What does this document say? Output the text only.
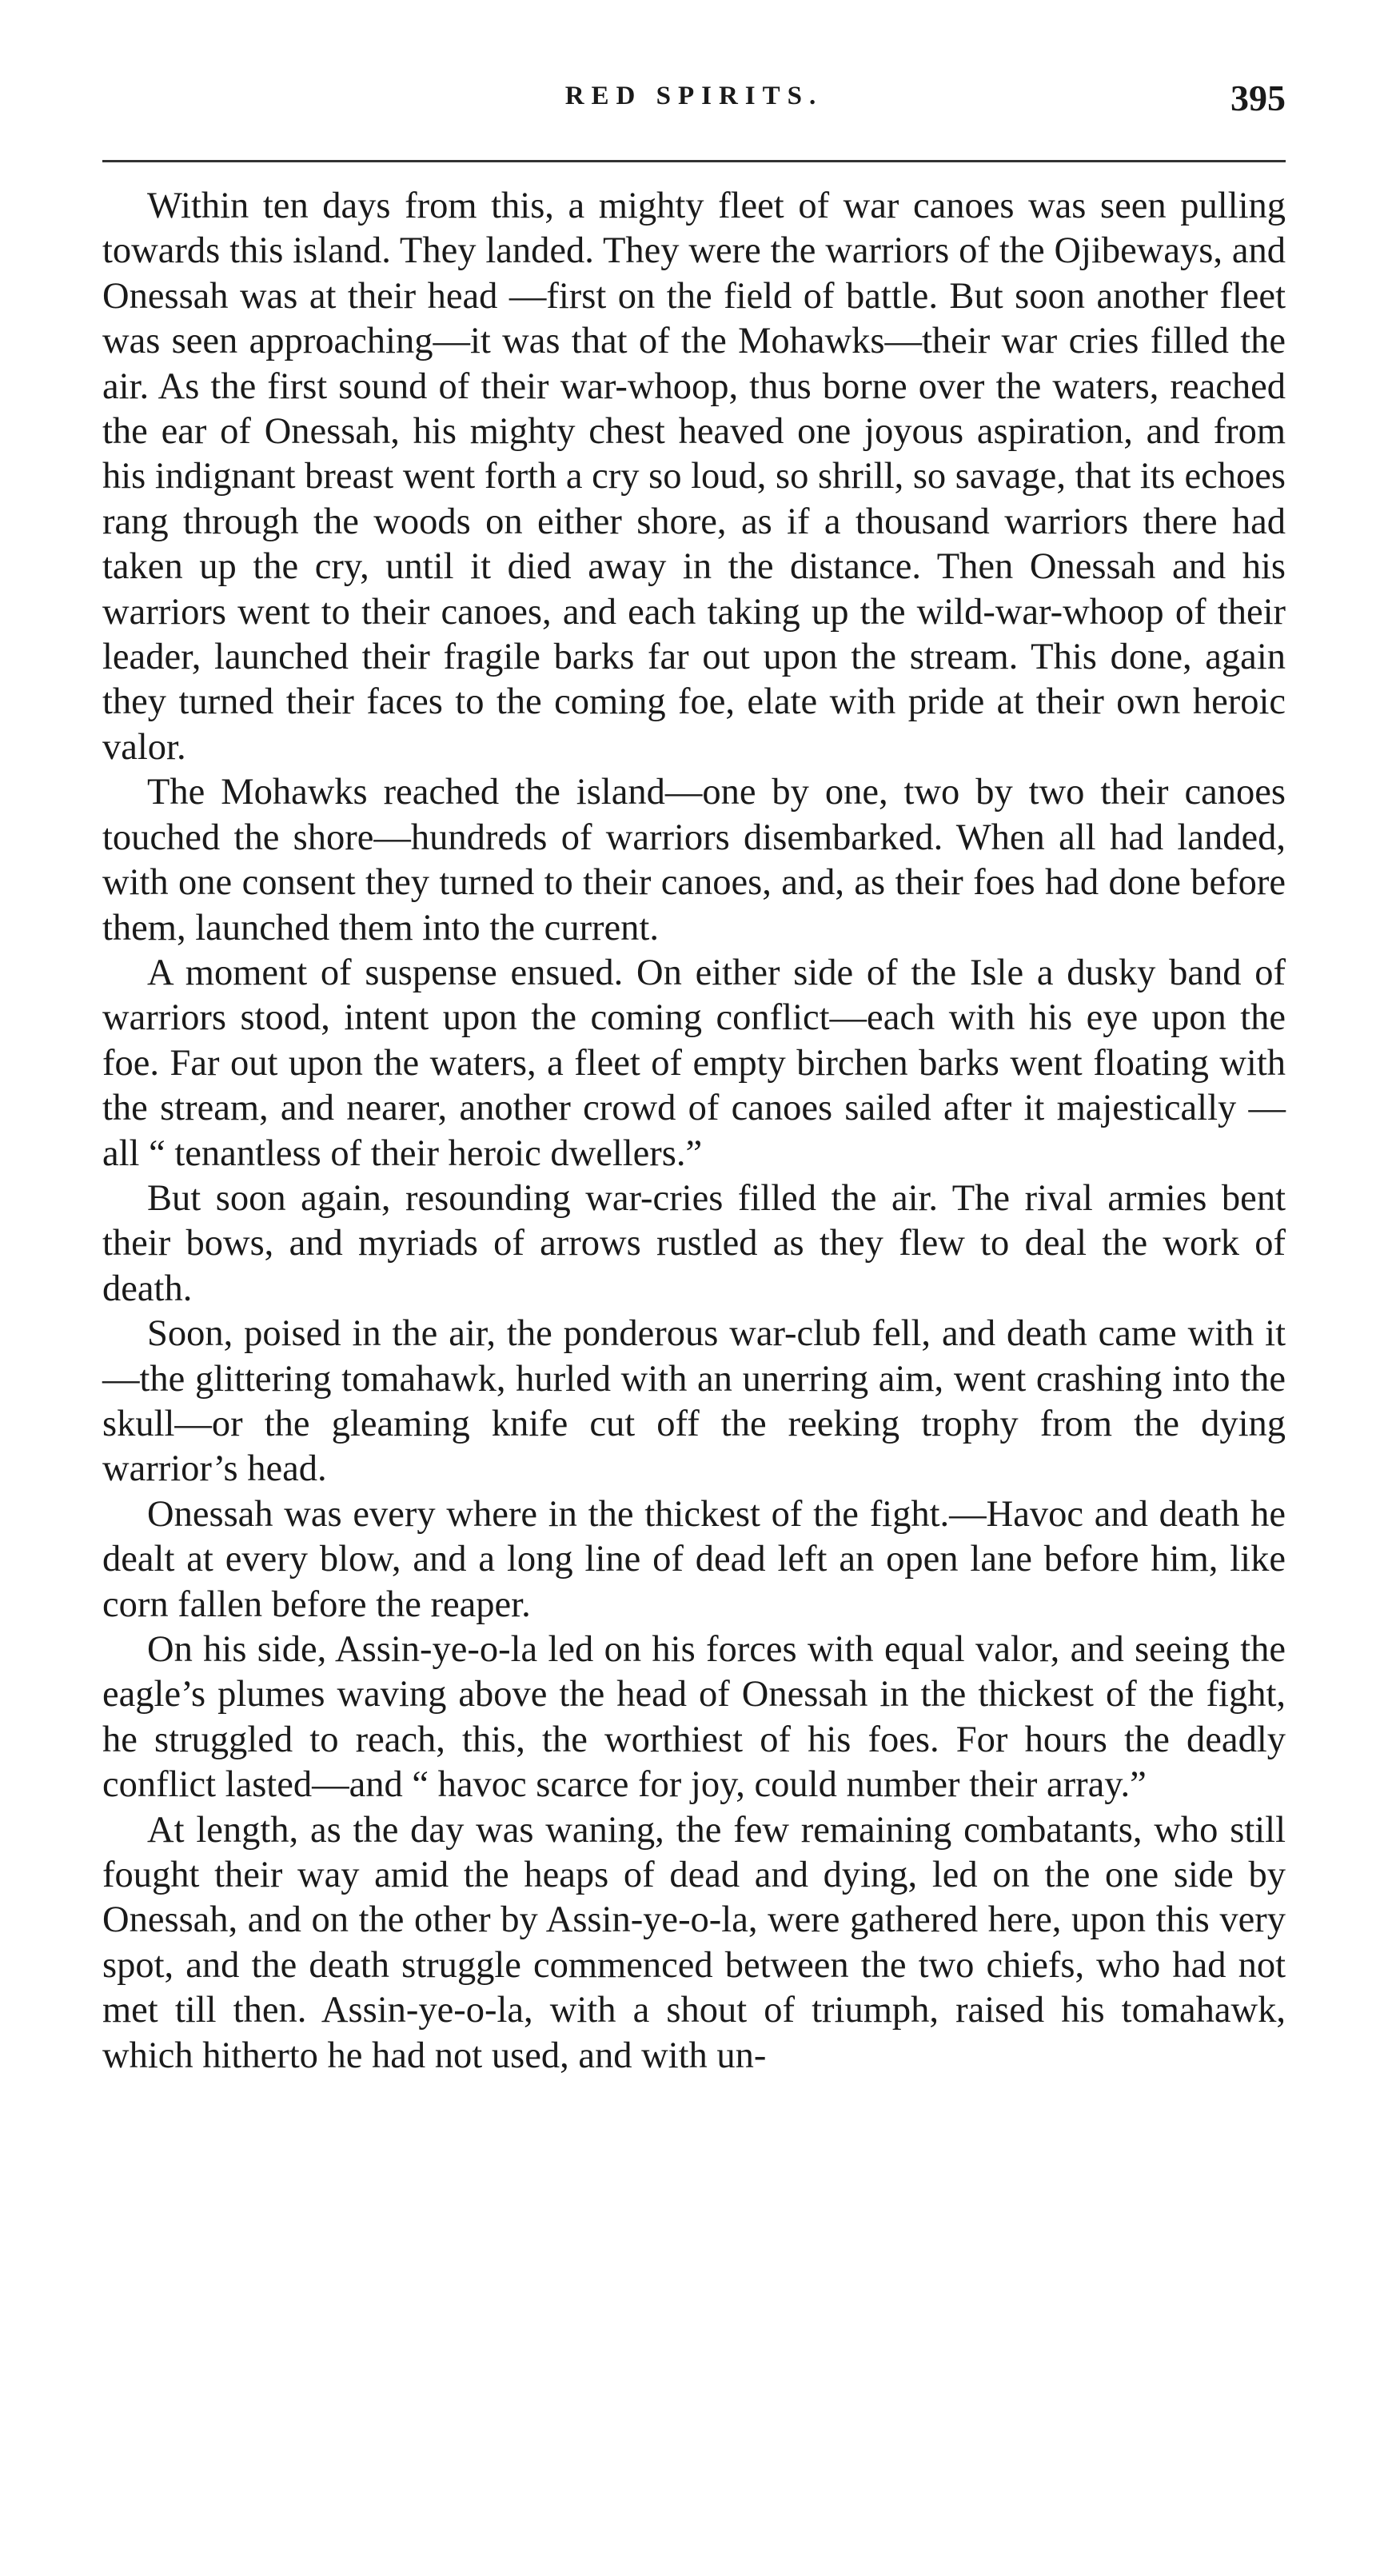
RED SPIRITS.	395

Within ten days from this, a mighty fleet of war canoes was seen pulling towards this island. They landed. They were the warriors of the Ojibeways, and Onessah was at their head —first on the field of battle. But soon another fleet was seen approaching—it was that of the Mohawks—their war cries filled the air. As the first sound of their war-whoop, thus borne over the waters, reached the ear of Onessah, his mighty chest heaved one joyous aspiration, and from his indignant breast went forth a cry so loud, so shrill, so savage, that its echoes rang through the woods on either shore, as if a thousand warriors there had taken up the cry, until it died away in the distance. Then Onessah and his warriors went to their canoes, and each taking up the wild-war-whoop of their leader, launched their fragile barks far out upon the stream. This done, again they turned their faces to the coming foe, elate with pride at their own heroic valor.

The Mohawks reached the island—one by one, two by two their canoes touched the shore—hundreds of warriors disembarked. When all had landed, with one consent they turned to their canoes, and, as their foes had done before them, launched them into the current.

A moment of suspense ensued. On either side of the Isle a dusky band of warriors stood, intent upon the coming conflict—each with his eye upon the foe. Far out upon the waters, a fleet of empty birchen barks went floating with the stream, and nearer, another crowd of canoes sailed after it majestically —all “ tenantless of their heroic dwellers.”

But soon again, resounding war-cries filled the air. The rival armies bent their bows, and myriads of arrows rustled as they flew to deal the work of death.

Soon, poised in the air, the ponderous war-club fell, and death came with it—the glittering tomahawk, hurled with an unerring aim, went crashing into the skull—or the gleaming knife cut off the reeking trophy from the dying warrior’s head.

Onessah was every where in the thickest of the fight.—Havoc and death he dealt at every blow, and a long line of dead left an open lane before him, like corn fallen before the reaper.

On his side, Assin-ye-o-la led on his forces with equal valor, and seeing the eagle’s plumes waving above the head of Onessah in the thickest of the fight, he struggled to reach, this, the worthiest of his foes. For hours the deadly conflict lasted—and “ havoc scarce for joy, could number their array.”

At length, as the day was waning, the few remaining combatants, who still fought their way amid the heaps of dead and dying, led on the one side by Onessah, and on the other by Assin-ye-o-la, were gathered here, upon this very spot, and the death struggle commenced between the two chiefs, who had not met till then. Assin-ye-o-la, with a shout of triumph, raised his tomahawk, which hitherto he had not used, and with un-
